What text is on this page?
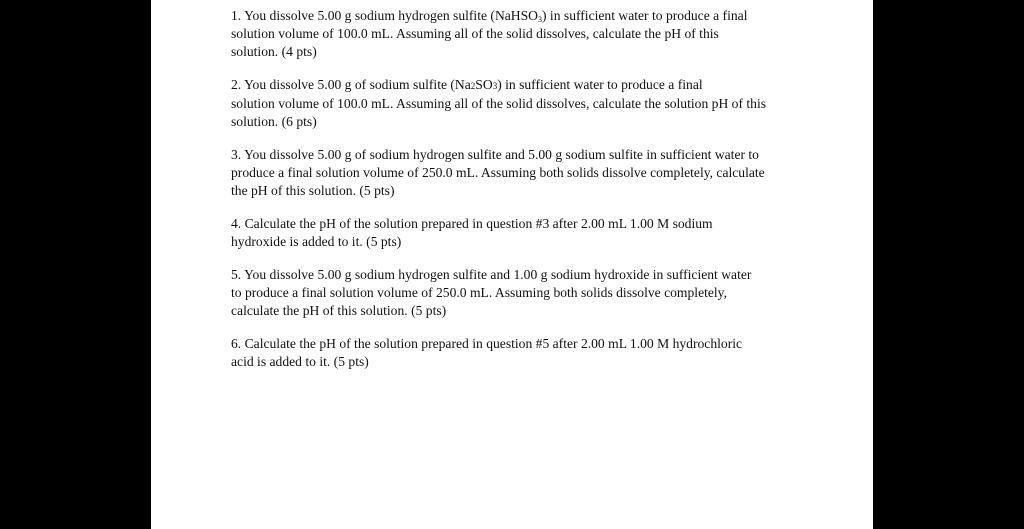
1. You dissolve 5.00 g sodium hydrogen sulfite (NaHSO$_3$) in sufficient water to produce a final
solution volume of 100.0 mL. Assuming all of the solid dissolves, calculate the pH of this
solution. (4 pts)
2. You dissolve 5.00 g of sodium sulfite (Na2SO3) in sufficient water to produce a final
solution volume of 100.0 mL. Assuming all of the solid dissolves, calculate the solution pH of this
solution. (6 pts)
3. You dissolve 5.00 g of sodium hydrogen sulfite and 5.00 g sodium sulfite in sufficient water to
produce a final solution volume of 250.0 mL. Assuming both solids dissolve completely, calculate
the pH of this solution. (5 pts)
4. Calculate the pH of the solution prepared in question #3 after 2.00 mL 1.00 M sodium
hydroxide is added to it. (5 pts)
5. You dissolve 5.00 g sodium hydrogen sulfite and 1.00 g sodium hydroxide in sufficient water
to produce a final solution volume of 250.0 mL. Assuming both solids dissolve completely,
calculate the pH of this solution. (5 pts)
6. Calculate the pH of the solution prepared in question #5 after 2.00 mL 1.00 M hydrochloric
acid is added to it. (5 pts)
